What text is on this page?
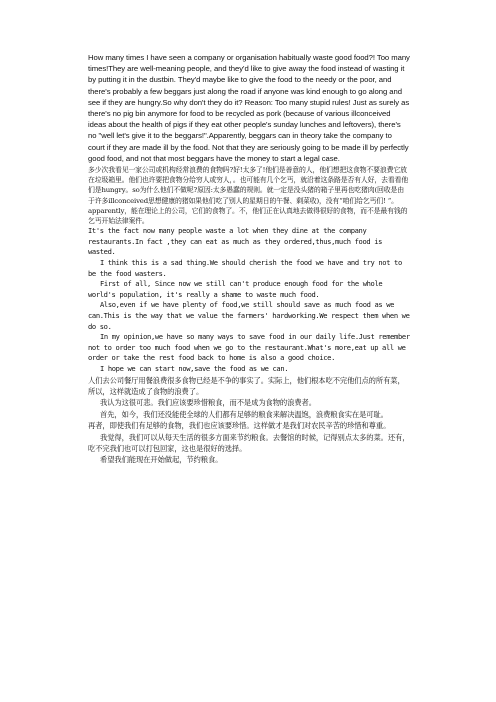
How many times I have seen a company or organisation habitually waste good food?! Too many times!They are well-meaning people, and they'd like to give away the food instead of wasting it by putting it in the dustbin. They'd maybe like to give the food to the needy or the poor, and there's probably a few beggars just along the road if anyone was kind enough to go along and see if they are hungry.So why don't they do it? Reason: Too many stupid rules! Just as surely as there's no pig bin anymore for food to be recycled as pork (because of various illconceived ideas about the health of pigs if they eat other people's sunday lunches and leftovers), there's no "well let's give it to the beggars!".Apparently, beggars can in theory take the company to court if they are made ill by the food. Not that they are seriously going to be made ill by perfectly good food, and not that most beggars have the money to start a legal case.

多少次我看见一家公司或机构经常浪费的食物吗?好!太多了!他们是善意的人，他们想把这食物不要浪费它放在垃圾箱里。他们也许要把食物分给穷人或穷人，。也可能有几个乞丐，就沿着这条路是否有人好，去看看他们是hungry。so为什么他们不做呢?原因:太多愚蠢的规则。就一定是没头猪的箱子里再也吃猪肉(回收是由于许多illconceived思想健康的猪如果他们吃了别人的星期日的午餐、剩菜收)，没有“咱们给乞丐们! “。apparently，能在理论上的公司，它们的食物了。不，他们正在认真地去做得很好的食物，而不是最有钱的乞丐开始法律案件。

It's the fact now many people waste a lot when they dine at the company restaurants.In fact ,they can eat as much as they ordered,thus,much food is wasted.

I think this is a sad thing.We should cherish the food we have and try not to be the food wasters.

First of all, Since now we still can't produce enough food for the whole world's population, it's really a shame to waste much food.

Also,even if we have plenty of food,we still should save as much food as we can.This is the way that we value the farmers' hardworking.We respect them when we do so.

In my opinion,we have so many ways to save food in our daily life.Just remember not to order too much food when we go to the restaurant.What's more,eat up all we order or take the rest food back to home is also a good choice.

I hope we can start now,save the food as we can.

人们去公司餐厅用餐浪费很多食物已经是不争的事实了。实际上，他们根本吃不完他们点的所有菜，所以，这样就造成了食物的浪费了。

我认为这很可悲。我们应该要珍惜粮食，而不是成为食物的浪费者。

首先，如今，我们还没能使全球的人们都有足够的粮食来解决温饱，浪费粮食实在是可耻。

再者，即使我们有足够的食物，我们也应该要珍惜。这样做才是我们对农民辛苦的珍惜和尊重。

我觉得，我们可以从每天生活的很多方面来节约粮食。去餐馆的时候，记得别点太多的菜。还有，吃不完我们也可以打包回家，这也是很好的选择。

希望我们能现在开始做起，节约粮食。
